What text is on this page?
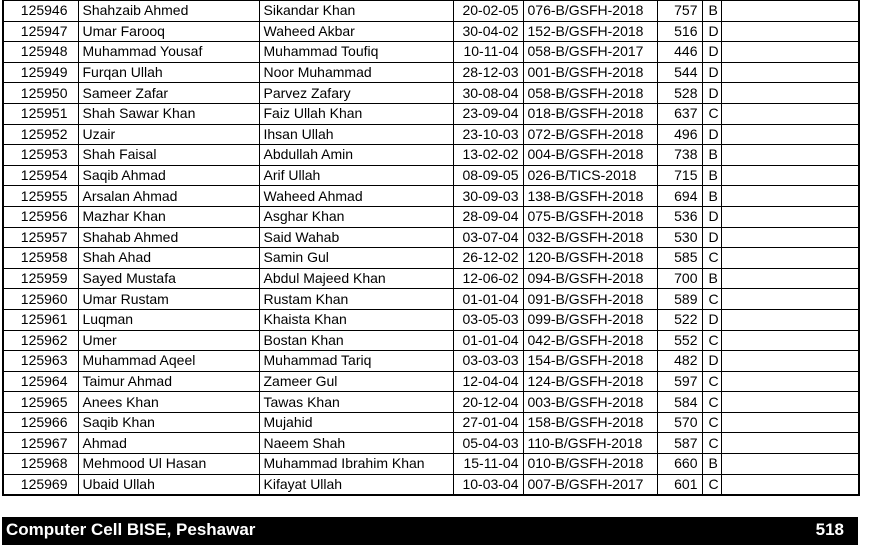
125946	Shahzaib Ahmed	Sikandar Khan	20-02-05	076-B/GSFH-2018	757	B	
125947	Umar Farooq	Waheed Akbar	30-04-02	152-B/GSFH-2018	516	D	
125948	Muhammad Yousaf	Muhammad Toufiq	10-11-04	058-B/GSFH-2017	446	D	
125949	Furqan Ullah	Noor Muhammad	28-12-03	001-B/GSFH-2018	544	D	
125950	Sameer Zafar	Parvez Zafary	30-08-04	058-B/GSFH-2018	528	D	
125951	Shah Sawar Khan	Faiz Ullah Khan	23-09-04	018-B/GSFH-2018	637	C	
125952	Uzair	Ihsan Ullah	23-10-03	072-B/GSFH-2018	496	D	
125953	Shah Faisal	Abdullah Amin	13-02-02	004-B/GSFH-2018	738	B	
125954	Saqib Ahmad	Arif Ullah	08-09-05	026-B/TICS-2018	715	B	
125955	Arsalan Ahmad	Waheed Ahmad	30-09-03	138-B/GSFH-2018	694	B	
125956	Mazhar Khan	Asghar Khan	28-09-04	075-B/GSFH-2018	536	D	
125957	Shahab Ahmed	Said Wahab	03-07-04	032-B/GSFH-2018	530	D	
125958	Shah Ahad	Samin Gul	26-12-02	120-B/GSFH-2018	585	C	
125959	Sayed Mustafa	Abdul Majeed Khan	12-06-02	094-B/GSFH-2018	700	B	
125960	Umar Rustam	Rustam Khan	01-01-04	091-B/GSFH-2018	589	C	
125961	Luqman	Khaista Khan	03-05-03	099-B/GSFH-2018	522	D	
125962	Umer	Bostan Khan	01-01-04	042-B/GSFH-2018	552	C	
125963	Muhammad Aqeel	Muhammad Tariq	03-03-03	154-B/GSFH-2018	482	D	
125964	Taimur Ahmad	Zameer Gul	12-04-04	124-B/GSFH-2018	597	C	
125965	Anees Khan	Tawas Khan	20-12-04	003-B/GSFH-2018	584	C	
125966	Saqib Khan	Mujahid	27-01-04	158-B/GSFH-2018	570	C	
125967	Ahmad	Naeem Shah	05-04-03	110-B/GSFH-2018	587	C	
125968	Mehmood Ul Hasan	Muhammad Ibrahim Khan	15-11-04	010-B/GSFH-2018	660	B	
125969	Ubaid Ullah	Kifayat Ullah	10-03-04	007-B/GSFH-2017	601	C	
Computer Cell BISE, Peshawar	518
